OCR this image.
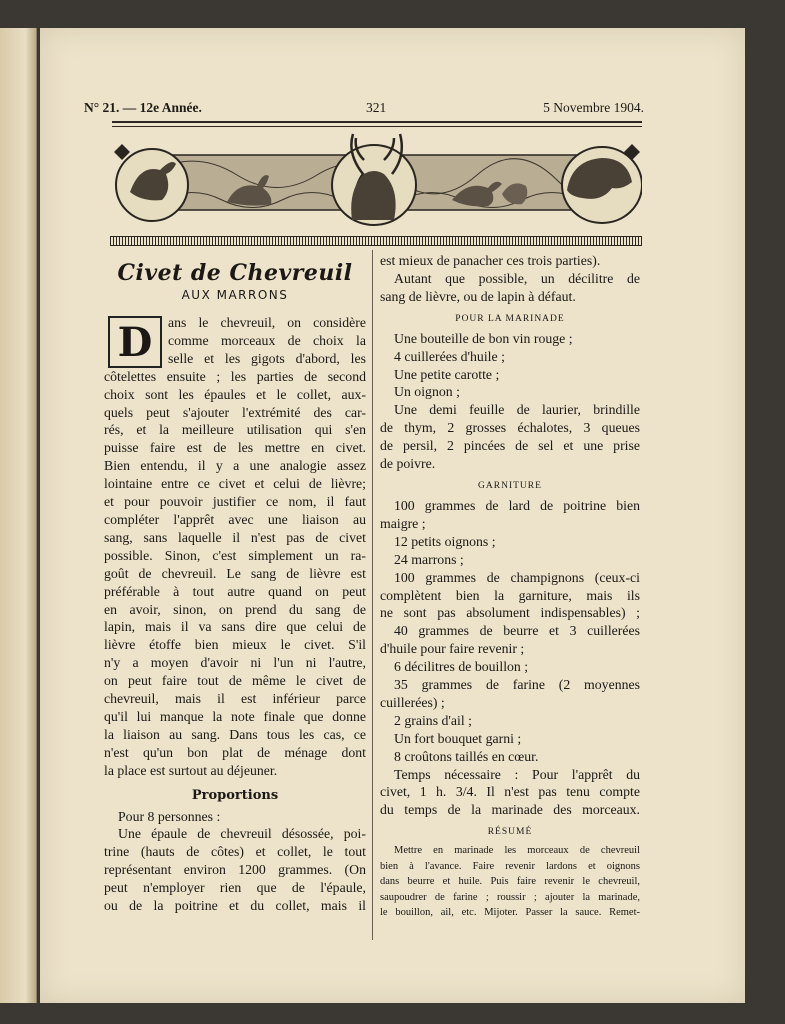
N° 21. — 12e Année.	321	5 Novembre 1904.
Civet de Chevreuil
AUX MARRONS
D	ans le chevreuil, on considère
comme morceaux de choix la
selle et les gigots d'abord, les
côtelettes ensuite ; les parties de second
choix sont les épaules et le collet, aux-
quels peut s'ajouter l'extrémité des car-
rés, et la meilleure utilisation qui s'en
puisse faire est de les mettre en civet.
Bien entendu, il y a une analogie assez
lointaine entre ce civet et celui de lièvre;
et pour pouvoir justifier ce nom, il faut
compléter l'apprêt avec une liaison au
sang, sans laquelle il n'est pas de civet
possible. Sinon, c'est simplement un ra-
goût de chevreuil. Le sang de lièvre est
préférable à tout autre quand on peut
en avoir, sinon, on prend du sang de
lapin, mais il va sans dire que celui de
lièvre étoffe bien mieux le civet. S'il
n'y a moyen d'avoir ni l'un ni l'autre,
on peut faire tout de même le civet de
chevreuil, mais il est inférieur parce
qu'il lui manque la note finale que donne
la liaison au sang. Dans tous les cas, ce
n'est qu'un bon plat de ménage dont
la place est surtout au déjeuner.
Proportions
Pour 8 personnes :
Une épaule de chevreuil désossée, poi-
trine (hauts de côtes) et collet, le tout
représentant environ 1200 grammes. (On
peut n'employer rien que de l'épaule,
ou de la poitrine et du collet, mais il
est mieux de panacher ces trois parties).
Autant que possible, un décilitre de
sang de lièvre, ou de lapin à défaut.
POUR LA MARINADE
Une bouteille de bon vin rouge ;
4 cuillerées d'huile ;
Une petite carotte ;
Un oignon ;
Une demi feuille de laurier, brindille
de thym, 2 grosses échalotes, 3 queues
de persil, 2 pincées de sel et une prise
de poivre.
GARNITURE
100 grammes de lard de poitrine bien
maigre ;
12 petits oignons ;
24 marrons ;
100 grammes de champignons (ceux-ci
complètent bien la garniture, mais ils
ne sont pas absolument indispensables) ;
40 grammes de beurre et 3 cuillerées
d'huile pour faire revenir ;
6 décilitres de bouillon ;
35 grammes de farine (2 moyennes
cuillerées) ;
2 grains d'ail ;
Un fort bouquet garni ;
8 croûtons taillés en cœur.
Temps nécessaire : Pour l'apprêt du
civet, 1 h. 3/4. Il n'est pas tenu compte
du temps de la marinade des morceaux.
RÉSUMÉ
Mettre en marinade les morceaux de chevreuil
bien à l'avance. Faire revenir lardons et oignons
dans beurre et huile. Puis faire revenir le chevreuil,
saupoudrer de farine ; roussir ; ajouter la marinade,
le bouillon, ail, etc. Mijoter. Passer la sauce. Remet-
